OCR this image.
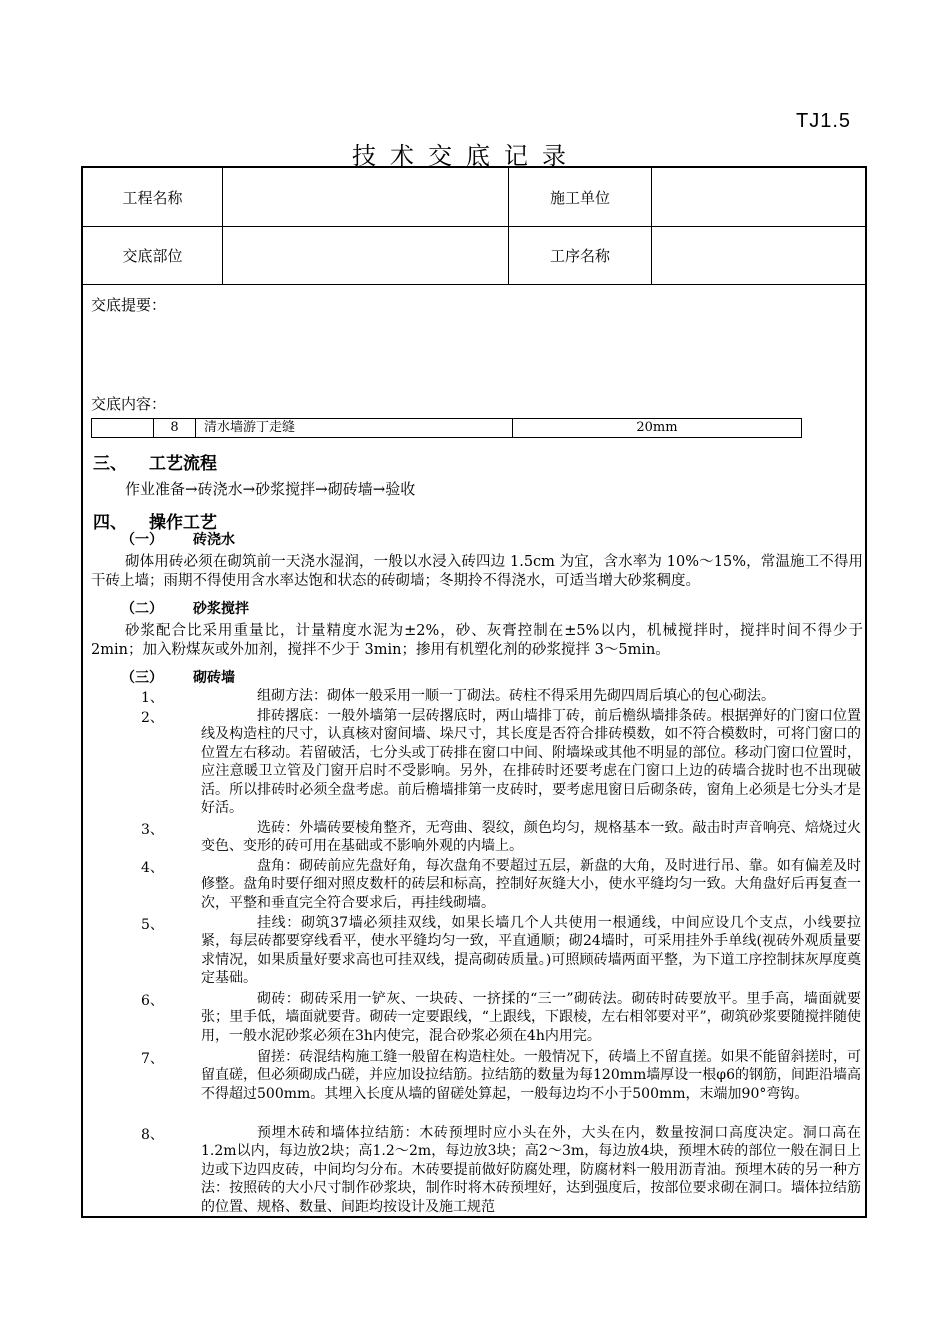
TJ1.5
技术交底记录
工程名称	施工单位
交底部位	工序名称
交底提要：
交底内容：
8	清水墙游丁走缝	20mm
三、 工艺流程
作业准备→砖浇水→砂浆搅拌→砌砖墙→验收
四、 操作工艺
（一） 砖浇水

砌体用砖必须在砌筑前一天浇水湿润，一般以水浸入砖四边 1.5cm 为宜，含水率为 10%～15%，常温施工不得用干砖上墙；雨期不得使用含水率达饱和状态的砖砌墙；冬期拎不得浇水，可适当增大砂浆稠度。

（二） 砂浆搅拌

砂浆配合比采用重量比，计量精度水泥为±2%，砂、灰膏控制在±5%以内，机械搅拌时，搅拌时间不得少于 2min；加入粉煤灰或外加剂，搅拌不少于 3min；掺用有机塑化剂的砂浆搅拌 3～5min。

（三） 砌砖墙
1、	组砌方法：砌体一般采用一顺一丁砌法。砖柱不得采用先砌四周后填心的包心砌法。

2、	排砖撂底：一般外墙第一层砖撂底时，两山墙排丁砖，前后檐纵墙排条砖。根据弹好的门窗口位置线及构造柱的尺寸，认真核对窗间墙、垛尺寸，其长度是否符合排砖模数，如不符合模数时，可将门窗口的位置左右移动。若留破活，七分头或丁砖排在窗口中间、附墙垛或其他不明显的部位。移动门窗口位置时，应注意暖卫立管及门窗开启时不受影响。另外，在排砖时还要考虑在门窗口上边的砖墙合拢时也不出现破活。所以排砖时必须全盘考虑。前后檐墙排第一皮砖时，要考虑甩窗日后砌条砖，窗角上必须是七分头才是好活。

3、	选砖：外墙砖要棱角整齐，无弯曲、裂纹，颜色均匀，规格基本一致。敲击时声音响亮、焙烧过火变色、变形的砖可用在基础或不影响外观的内墙上。

4、	盘角：砌砖前应先盘好角，每次盘角不要超过五层，新盘的大角，及时进行吊、靠。如有偏差及时修整。盘角时要仔细对照皮数杆的砖层和标高，控制好灰缝大小，使水平缝均匀一致。大角盘好后再复查一次，平整和垂直完全符合要求后，再挂线砌墙。

5、	挂线：砌筑37墙必须挂双线，如果长墙几个人共使用一根通线，中间应设几个支点，小线要拉紧，每层砖都要穿线看平，使水平缝均匀一致，平直通顺；砌24墙时，可采用挂外手单线(视砖外观质量要求情况，如果质量好要求高也可挂双线，提高砌砖质量。)可照顾砖墙两面平整，为下道工序控制抹灰厚度奠定基础。

6、	砌砖：砌砖采用一铲灰、一块砖、一挤揉的“三一”砌砖法。砌砖时砖要放平。里手高，墙面就要张；里手低，墙面就要背。砌砖一定要跟线，“上跟线，下跟棱，左右相邻要对平”，砌筑砂浆要随搅拌随使用，一般水泥砂浆必须在3h内使完，混合砂浆必须在4h内用完。

7、	留搓：砖混结构施工缝一般留在构造柱处。一般情况下，砖墙上不留直搓。如果不能留斜搓时，可留直磋，但必须砌成凸磋，并应加设拉结筋。拉结筋的数量为每120mm墙厚设一根φ6的钢筋，间距沿墙高不得超过500mm。其埋入长度从墙的留磋处算起，一般每边均不小于500mm，末端加90°弯钩。

8、	预埋木砖和墙体拉结筋：木砖预埋时应小头在外，大头在内，数量按洞口高度决定。洞口高在1.2m以内，每边放2块；高1.2～2m，每边放3块；高2～3m，每边放4块，预埋木砖的部位一般在洞日上边或下边四皮砖，中间均匀分布。木砖要提前做好防腐处理，防腐材料一般用沥青油。预埋木砖的另一种方法：按照砖的大小尺寸制作砂浆块，制作时将木砖预埋好，达到强度后，按部位要求砌在洞口。墙体拉结筋的位置、规格、数量、间距均按设计及施工规范
